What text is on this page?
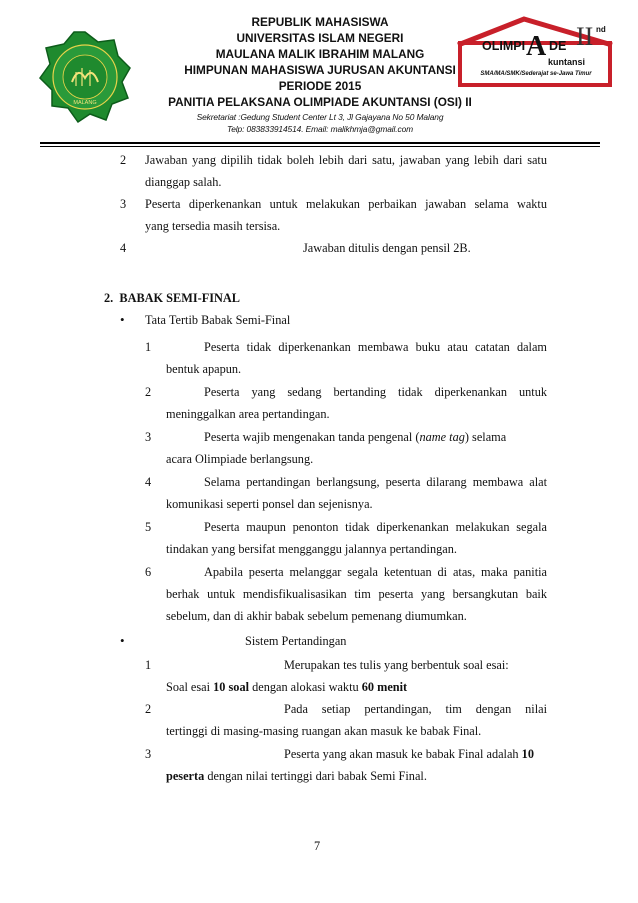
MALANG
OLIMPI A DE II nd
kuntansi
SMA/MA/SMK/Sederajat se-Jawa Timur
REPUBLIK MAHASISWA
UNIVERSITAS ISLAM NEGERI
MAULANA MALIK IBRAHIM MALANG
HIMPUNAN MAHASISWA JURUSAN AKUNTANSI
PERIODE 2015
PANITIA PELAKSANA OLIMPIADE AKUNTANSI (OSI) II
Sekretariat :Gedung Student Center Lt 3, Jl Gajayana No 50 Malang
Telp: 083833914514. Email: malikhmja@gmail.com
2 Jawaban yang dipilih tidak boleh lebih dari satu, jawaban yang lebih dari satu
dianggap salah.
3 Peserta diperkenankan untuk melakukan perbaikan jawaban selama waktu
yang tersedia masih tersisa.
4	Jawaban ditulis dengan pensil 2B.
2.  BABAK SEMI-FINAL
• Tata Tertib Babak Semi-Final
1	Peserta tidak diperkenankan membawa buku atau catatan dalam
bentuk apapun.
2	Peserta yang sedang bertanding tidak diperkenankan untuk
meninggalkan area pertandingan.
3	Peserta wajib mengenakan tanda pengenal (name tag) selama
acara Olimpiade berlangsung.
4	Selama pertandingan berlangsung, peserta dilarang membawa alat
komunikasi seperti ponsel dan sejenisnya.
5	Peserta maupun penonton tidak diperkenankan melakukan segala
tindakan yang bersifat mengganggu jalannya pertandingan.
6	Apabila peserta melanggar segala ketentuan di atas, maka panitia
berhak untuk mendisfikualisasikan tim peserta yang bersangkutan baik
sebelum, dan di akhir babak sebelum pemenang diumumkan.
•	Sistem Pertandingan
1	Merupakan tes tulis yang berbentuk soal esai:
Soal esai 10 soal dengan alokasi waktu 60 menit
2	Pada setiap pertandingan, tim dengan nilai
tertinggi di masing-masing ruangan akan masuk ke babak Final.
3	Peserta yang akan masuk ke babak Final adalah 10
peserta dengan nilai tertinggi dari babak Semi Final.
7
